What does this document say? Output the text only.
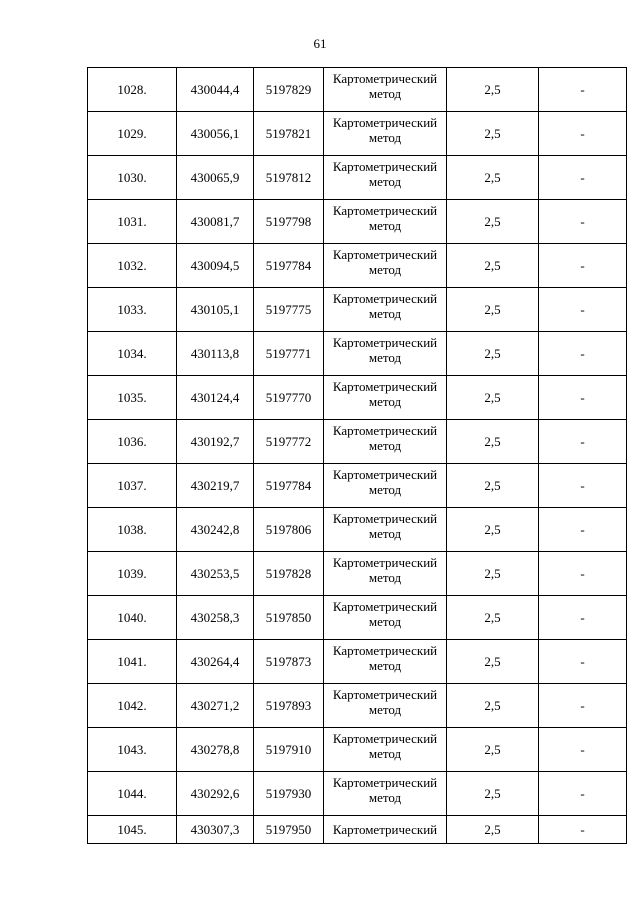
61
1028.	430044,4	5197829	Картометрический метод	2,5	-
1029.	430056,1	5197821	Картометрический метод	2,5	-
1030.	430065,9	5197812	Картометрический метод	2,5	-
1031.	430081,7	5197798	Картометрический метод	2,5	-
1032.	430094,5	5197784	Картометрический метод	2,5	-
1033.	430105,1	5197775	Картометрический метод	2,5	-
1034.	430113,8	5197771	Картометрический метод	2,5	-
1035.	430124,4	5197770	Картометрический метод	2,5	-
1036.	430192,7	5197772	Картометрический метод	2,5	-
1037.	430219,7	5197784	Картометрический метод	2,5	-
1038.	430242,8	5197806	Картометрический метод	2,5	-
1039.	430253,5	5197828	Картометрический метод	2,5	-
1040.	430258,3	5197850	Картометрический метод	2,5	-
1041.	430264,4	5197873	Картометрический метод	2,5	-
1042.	430271,2	5197893	Картометрический метод	2,5	-
1043.	430278,8	5197910	Картометрический метод	2,5	-
1044.	430292,6	5197930	Картометрический метод	2,5	-
1045.	430307,3	5197950	Картометрический	2,5	-
